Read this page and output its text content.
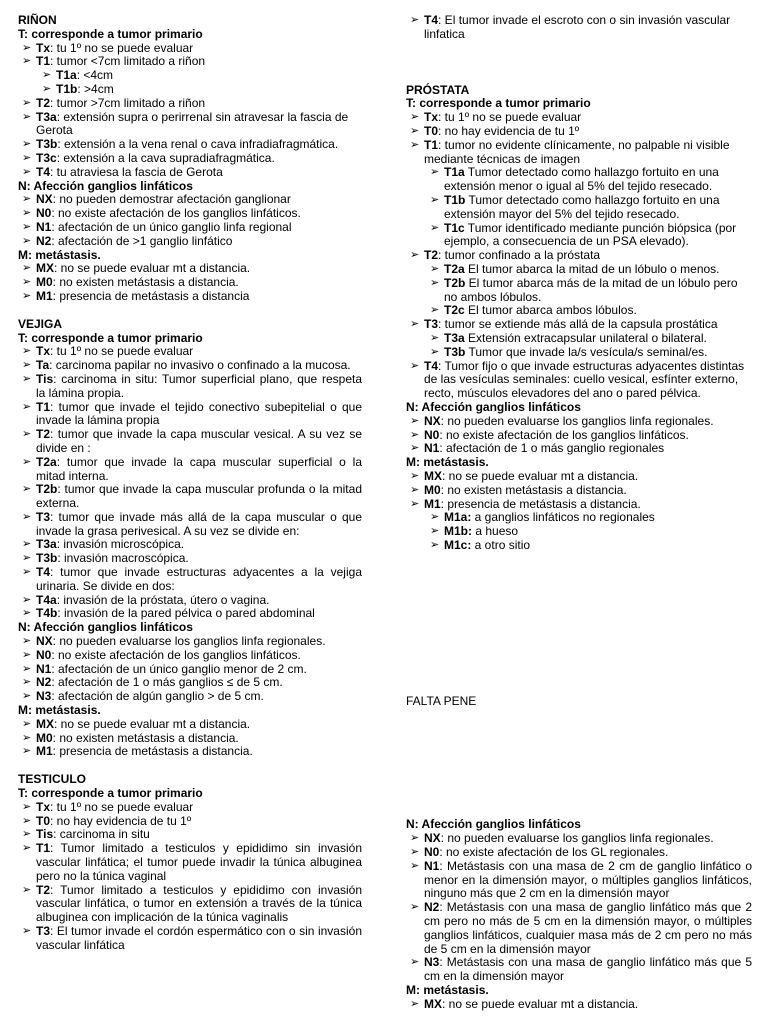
RIÑON
T: corresponde a tumor primario
➢ Tx: tu 1º no se puede evaluar
➢ T1: tumor <7cm limitado a riñon
➢ T1a: <4cm
➢ T1b: >4cm
➢ T2: tumor >7cm limitado a riñon
➢ T3a: extensión supra o perirrenal sin atravesar la fascia de Gerota
➢ T3b: extensión a la vena renal o cava infradiafragmática.
➢ T3c: extensión a la cava supradiafragmática.
➢ T4: tu atraviesa la fascia de Gerota
N: Afección ganglios linfáticos
➢ NX: no pueden demostrar afectación ganglionar
➢ N0: no existe afectación de los ganglios linfáticos.
➢ N1: afectación de un único ganglio linfa regional
➢ N2: afectación de >1 ganglio linfático
M: metástasis.
➢ MX: no se puede evaluar mt a distancia.
➢ M0: no existen metástasis a distancia.
➢ M1: presencia de metástasis a distancia
VEJIGA
T: corresponde a tumor primario
➢ Tx: tu 1º no se puede evaluar
➢ Ta: carcinoma papilar no invasivo o confinado a la mucosa.
➢ Tis: carcinoma in situ: Tumor superficial plano, que respeta la lámina propia.
➢ T1: tumor que invade el tejido conectivo subepitelial o que invade la lámina propia
➢ T2: tumor que invade la capa muscular vesical. A su vez se divide en :
➢ T2a: tumor que invade la capa muscular superficial o la mitad interna.
➢ T2b: tumor que invade la capa muscular profunda o la mitad externa.
➢ T3: tumor que invade más allá de la capa muscular o que invade la grasa perivesical. A su vez se divide en:
➢ T3a: invasión microscópica.
➢ T3b: invasión macroscópica.
➢ T4: tumor que invade estructuras adyacentes a la vejiga urinaria. Se divide en dos:
➢ T4a: invasión de la próstata, útero o vagina.
➢ T4b: invasión de la pared pélvica o pared abdominal
N: Afección ganglios linfáticos
➢ NX: no pueden evaluarse los ganglios linfa regionales.
➢ N0: no existe afectación de los ganglios linfáticos.
➢ N1: afectación de un único ganglio menor de 2 cm.
➢ N2: afectación de 1 o más ganglios ≤ de 5 cm.
➢ N3: afectación de algún ganglio > de 5 cm.
M: metástasis.
➢ MX: no se puede evaluar mt a distancia.
➢ M0: no existen metástasis a distancia.
➢ M1: presencia de metástasis a distancia.
TESTICULO
T: corresponde a tumor primario
➢ Tx: tu 1º no se puede evaluar
➢ T0: no hay evidencia de tu 1º
➢ Tis: carcinoma in situ
➢ T1: Tumor limitado a testiculos y epididimo sin invasión vascular linfática; el tumor puede invadir la túnica albuginea pero no la túnica vaginal
➢ T2: Tumor limitado a testiculos y epididimo con invasión vascular linfática, o tumor en extensión a través de la túnica albuginea con implicación de la túnica vaginalis
➢ T3: El tumor invade el cordón espermático con o sin invasión vascular linfática
➢ T4: El tumor invade el escroto con o sin invasión vascular linfatica
PRÓSTATA
T: corresponde a tumor primario
➢ Tx: tu 1º no se puede evaluar
➢ T0: no hay evidencia de tu 1º
➢ T1: tumor no evidente clínicamente, no palpable ni visible mediante técnicas de imagen
➢ T1a Tumor detectado como hallazgo fortuito en una extensión menor o igual al 5% del tejido resecado.
➢ T1b Tumor detectado como hallazgo fortuito en una extensión mayor del 5% del tejido resecado.
➢ T1c Tumor identificado mediante punción biópsica (por ejemplo, a consecuencia de un PSA elevado).
➢ T2: tumor confinado a la próstata
➢ T2a El tumor abarca la mitad de un lóbulo o menos.
➢ T2b El tumor abarca más de la mitad de un lóbulo pero no ambos lóbulos.
➢ T2c El tumor abarca ambos lóbulos.
➢ T3: tumor se extiende más allá de la capsula prostática
➢ T3a Extensión extracapsular unilateral o bilateral.
➢ T3b Tumor que invade la/s vesícula/s seminal/es.
➢ T4: Tumor fijo o que invade estructuras adyacentes distintas de las vesículas seminales: cuello vesical, esfínter externo, recto, músculos elevadores del ano o pared pélvica.
N: Afección ganglios linfáticos
➢ NX: no pueden evaluarse los ganglios linfa regionales.
➢ N0: no existe afectación de los ganglios linfáticos.
➢ N1: afectación de 1 o más ganglio regionales
M: metástasis.
➢ MX: no se puede evaluar mt a distancia.
➢ M0: no existen metástasis a distancia.
➢ M1: presencia de metástasis a distancia.
➢ M1a: a ganglios linfáticos no regionales
➢ M1b: a hueso
➢ M1c: a otro sitio
FALTA PENE
N: Afección ganglios linfáticos
➢ NX: no pueden evaluarse los ganglios linfa regionales.
➢ N0: no existe afectación de los GL regionales.
➢ N1: Metástasis con una masa de 2 cm de ganglio linfático o menor en la dimensión mayor, o múltiples ganglios linfáticos, ninguno más que 2 cm en la dimensión mayor
➢ N2: Metástasis con una masa de ganglio linfático más que 2 cm pero no más de 5 cm en la dimensión mayor, o múltiples ganglios linfáticos, cualquier masa más de 2 cm pero no más de 5 cm en la dimensión mayor
➢ N3: Metástasis con una masa de ganglio linfático más que 5 cm en la dimensión mayor
M: metástasis.
➢ MX: no se puede evaluar mt a distancia.
